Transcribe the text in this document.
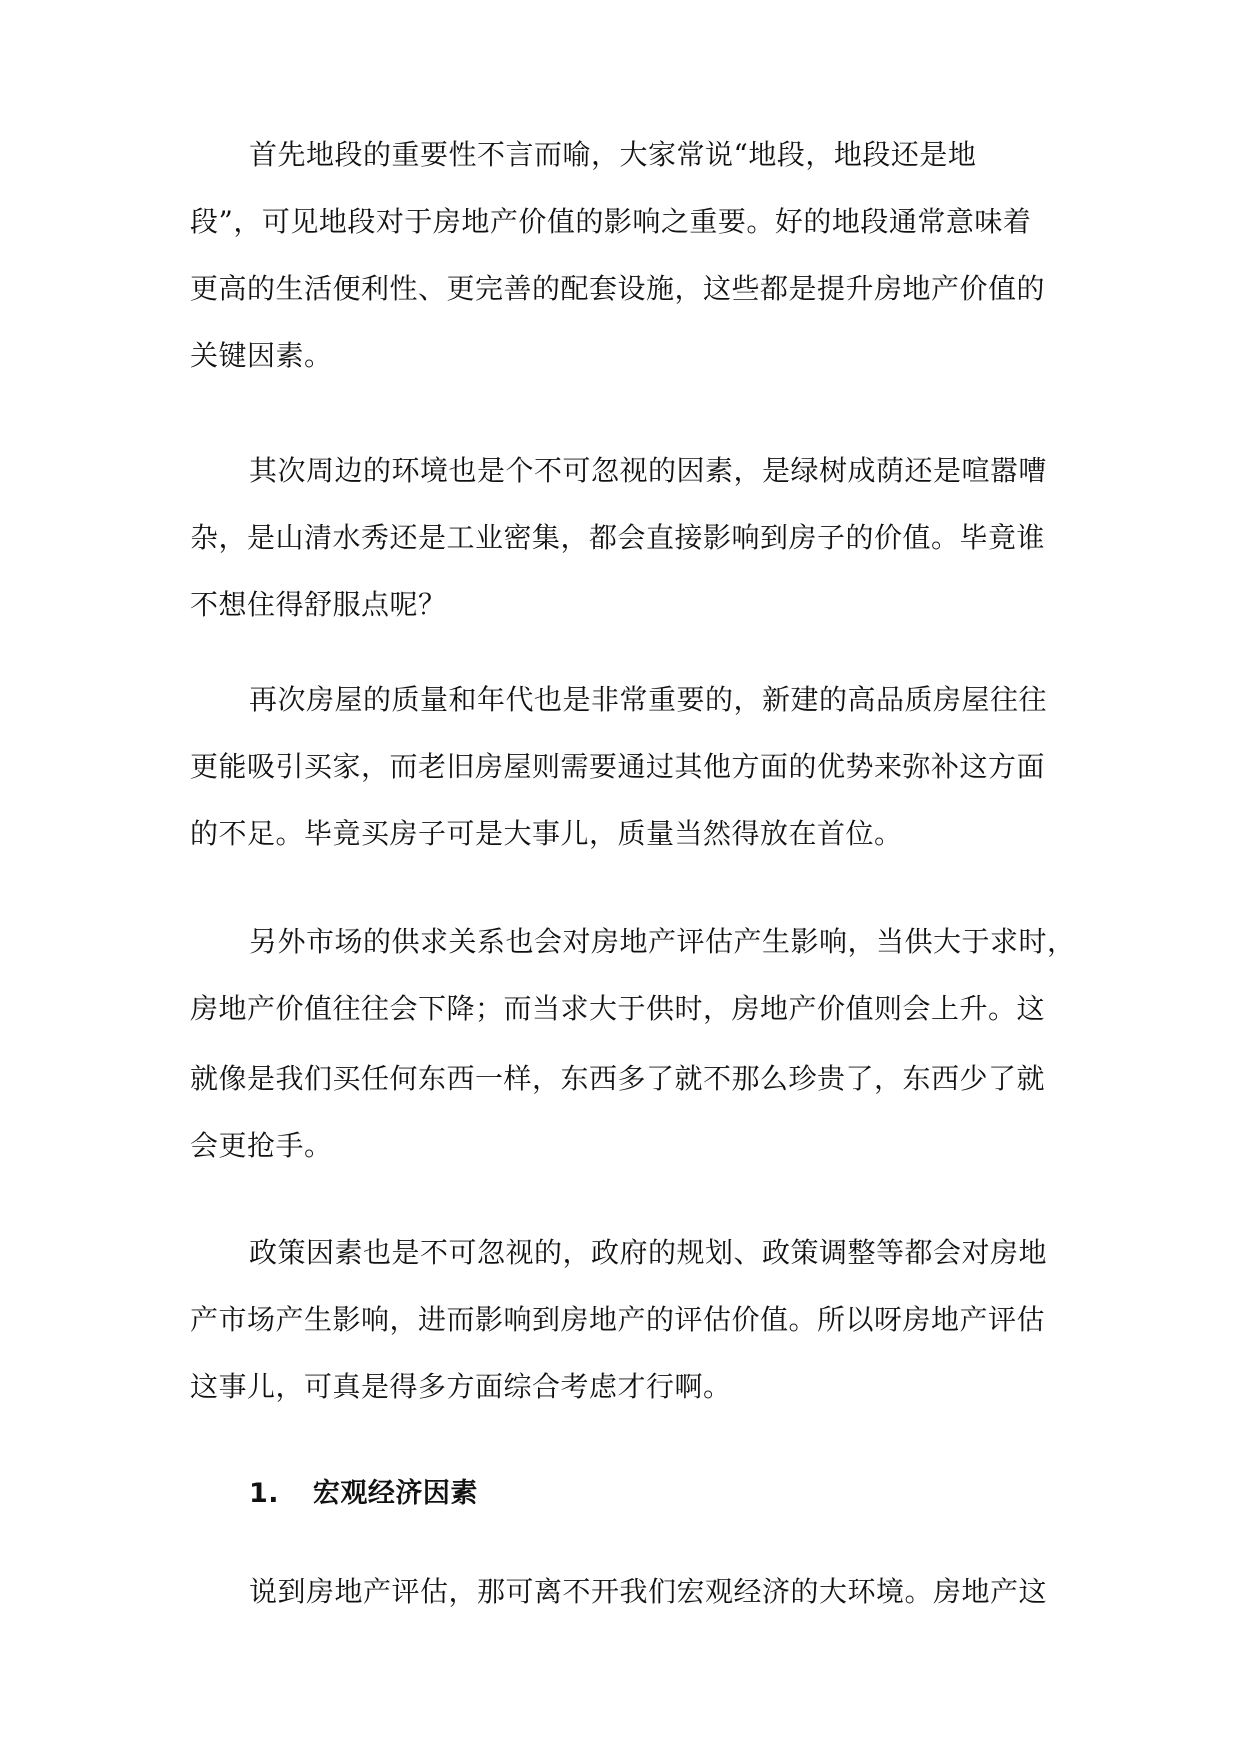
首先地段的重要性不言而喻，大家常说“地段，地段还是地
段”，可见地段对于房地产价值的影响之重要。好的地段通常意味着
更高的生活便利性、更完善的配套设施，这些都是提升房地产价值的
关键因素。
其次周边的环境也是个不可忽视的因素，是绿树成荫还是喧嚣嘈
杂，是山清水秀还是工业密集，都会直接影响到房子的价值。毕竟谁
不想住得舒服点呢？
再次房屋的质量和年代也是非常重要的，新建的高品质房屋往往
更能吸引买家，而老旧房屋则需要通过其他方面的优势来弥补这方面
的不足。毕竟买房子可是大事儿，质量当然得放在首位。
另外市场的供求关系也会对房地产评估产生影响，当供大于求时，
房地产价值往往会下降；而当求大于供时，房地产价值则会上升。这
就像是我们买任何东西一样，东西多了就不那么珍贵了，东西少了就
会更抢手。
政策因素也是不可忽视的，政府的规划、政策调整等都会对房地
产市场产生影响，进而影响到房地产的评估价值。所以呀房地产评估
这事儿，可真是得多方面综合考虑才行啊。
1. 宏观经济因素
说到房地产评估，那可离不开我们宏观经济的大环境。房地产这
